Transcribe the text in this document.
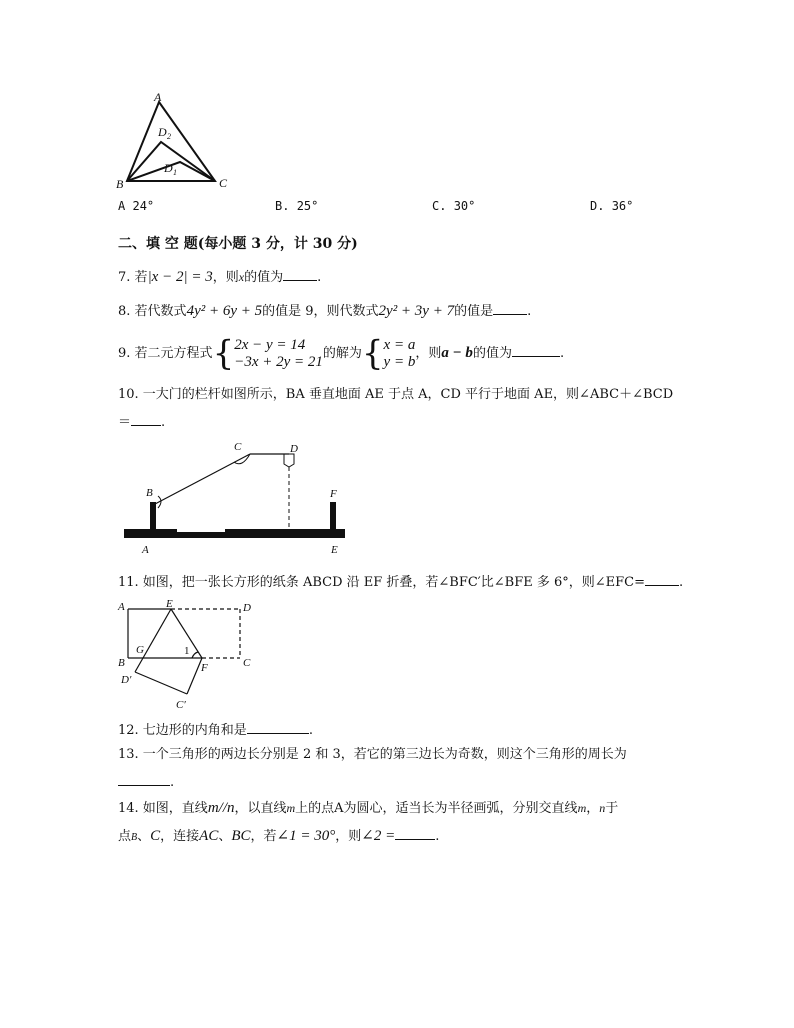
A
B	C
D 2
D 1
A 24°	B. 25°	C. 30°	D. 36°
二、填 空 题(每小题 3 分，计 30 分)
7. 若|x − 2| = 3，则x的值为	.
8. 若代数式4y² + 6y + 5的值是 9，则代数式2y² + 3y + 7的值是	.
9. 若二元方程式{2x − y = 14
−3x + 2y = 21的解为{x = a
y = b，则a − b的值为	.
10. 一大门的栏杆如图所示，BA 垂直地面 AE 于点 A，CD 平行于地面 AE，则∠ABC＋∠BCD
＝ .
C	D
B	F
A	E
11. 如图，把一张长方形的纸条 ABCD 沿 EF 折叠，若∠BFC′比∠BFE 多 6°，则∠EFC=	.
A	E	D
G	1
B	F	C
D′
C′
12. 七边形的内角和是	.
13. 一个三角形的两边长分别是 2 和 3，若它的第三边长为奇数，则这个三角形的周长为
.
14. 如图，直线m//n，以直线m上的点A为圆心，适当长为半径画弧，分别交直线m，n于
点B、C，连接AC、BC，若∠1 = 30°，则∠2 =	.
